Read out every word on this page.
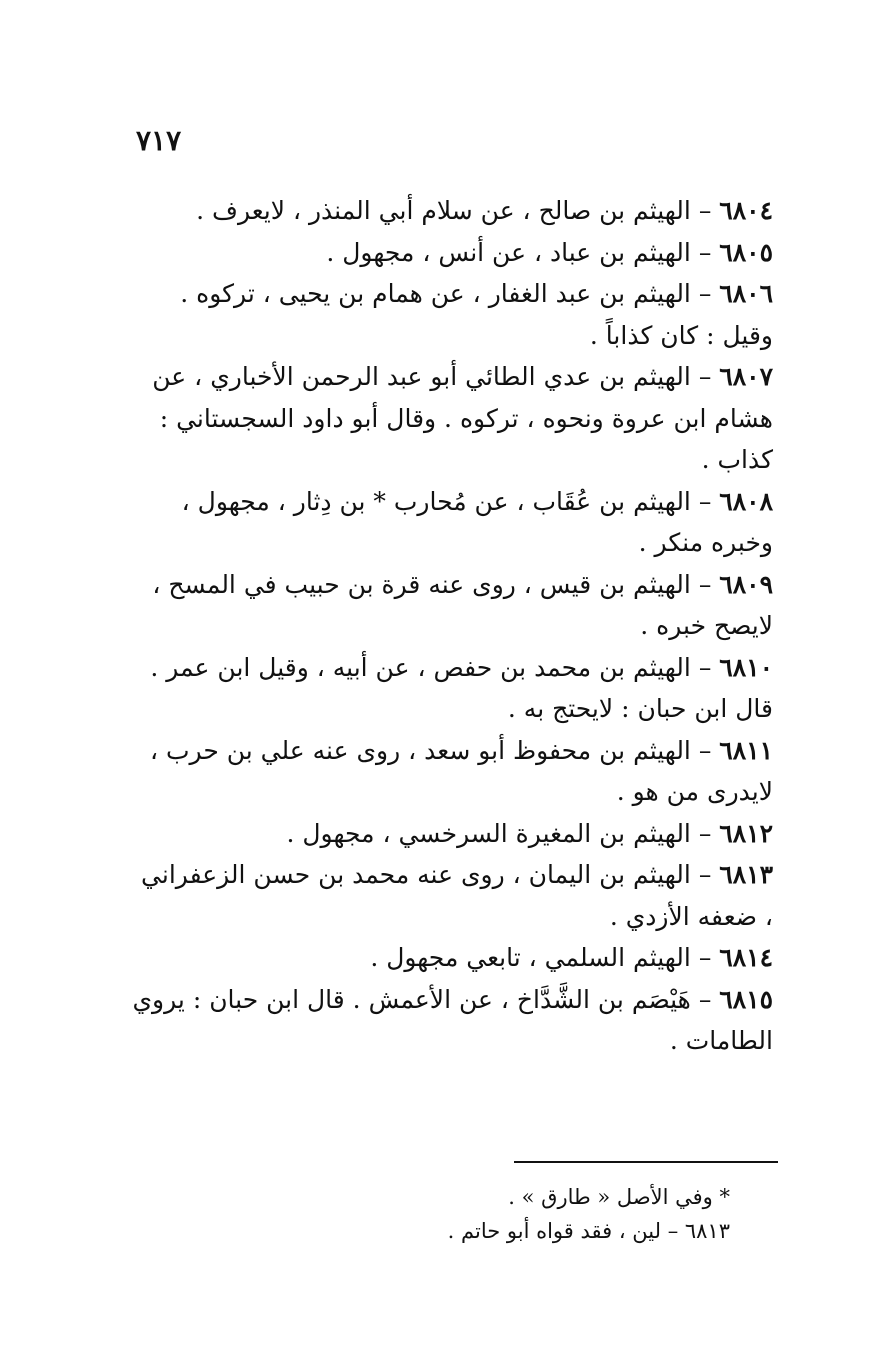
٧١٧

٦٨٠٤ – الهيثم بن صالح ، عن سلام أبي المنذر ، لايعرف .

٦٨٠٥ – الهيثم بن عباد ، عن أنس ، مجهول .

٦٨٠٦ – الهيثم بن عبد الغفار ، عن همام بن يحيى ، تركوه . وقيل : كان كذاباً .

٦٨٠٧ – الهيثم بن عدي الطائي أبو عبد الرحمن الأخباري ، عن هشام ابن عروة ونحوه ، تركوه . وقال أبو داود السجستاني : كذاب .

٦٨٠٨ – الهيثم بن عُقَاب ، عن مُحارب * بن دِثار ، مجهول ، وخبره منكر .

٦٨٠٩ – الهيثم بن قيس ، روى عنه قرة بن حبيب في المسح ، لايصح خبره .

٦٨١٠ – الهيثم بن محمد بن حفص ، عن أبيه ، وقيل ابن عمر . قال ابن حبان : لايحتج به .

٦٨١١ – الهيثم بن محفوظ أبو سعد ، روى عنه علي بن حرب ، لايدرى من هو .

٦٨١٢ – الهيثم بن المغيرة السرخسي ، مجهول .

٦٨١٣ – الهيثم بن اليمان ، روى عنه محمد بن حسن الزعفراني ، ضعفه الأزدي .

٦٨١٤ – الهيثم السلمي ، تابعي مجهول .

٦٨١٥ – هَيْصَم بن الشَّدَّاخ ، عن الأعمش . قال ابن حبان : يروي الطامات .

* وفي الأصل « طارق » .

٦٨١٣ – لين ، فقد قواه أبو حاتم .
